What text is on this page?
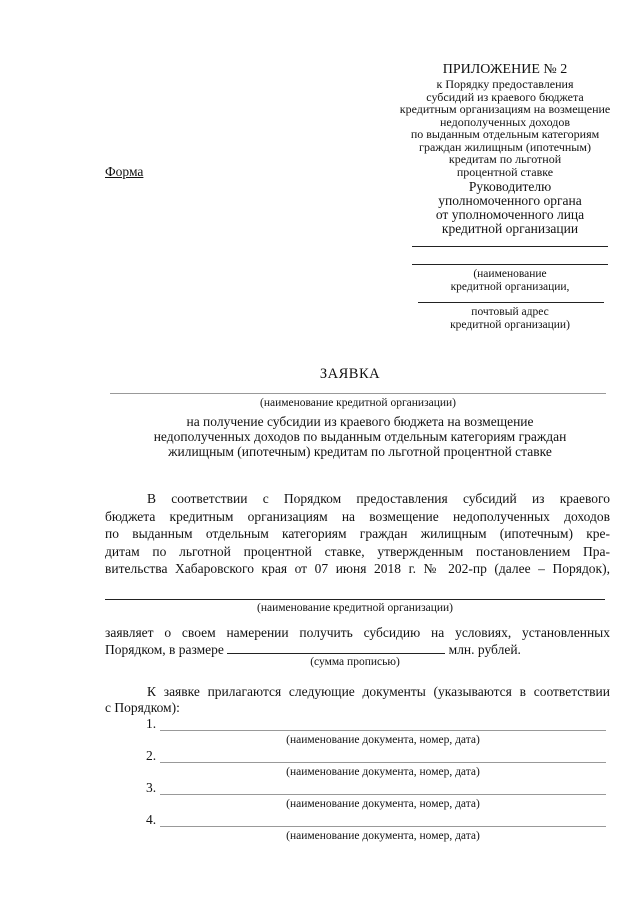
ПРИЛОЖЕНИЕ № 2
к Порядку предоставления
субсидий из краевого бюджета
кредитным организациям на возмещение
недополученных доходов
по выданным отдельным категориям
граждан жилищным (ипотечным)
кредитам по льготной
процентной ставке
Форма
Руководителю
уполномоченного органа
от уполномоченного лица
кредитной организации
(наименование
кредитной организации,
почтовый адрес
кредитной организации)
ЗАЯВКА
(наименование кредитной организации)
на получение субсидии из краевого бюджета на возмещение
недополученных доходов по выданным отдельным категориям граждан
жилищным (ипотечным) кредитам по льготной процентной ставке
В соответствии с Порядком предоставления субсидий из краевого
бюджета кредитным организациям на возмещение недополученных доходов
по выданным отдельным категориям граждан жилищным (ипотечным) кре-
дитам по льготной процентной ставке, утвержденным постановлением Пра-
вительства Хабаровского края от 07 июня 2018 г. № 202-пр (далее – Порядок),
(наименование кредитной организации)
заявляет о своем намерении получить субсидию на условиях, установленных
Порядком, в размере	млн. рублей.
(сумма прописью)
К заявке прилагаются следующие документы (указываются в соответствии
с Порядком):
1.
(наименование документа, номер, дата)
2.
(наименование документа, номер, дата)
3.
(наименование документа, номер, дата)
4.
(наименование документа, номер, дата)
